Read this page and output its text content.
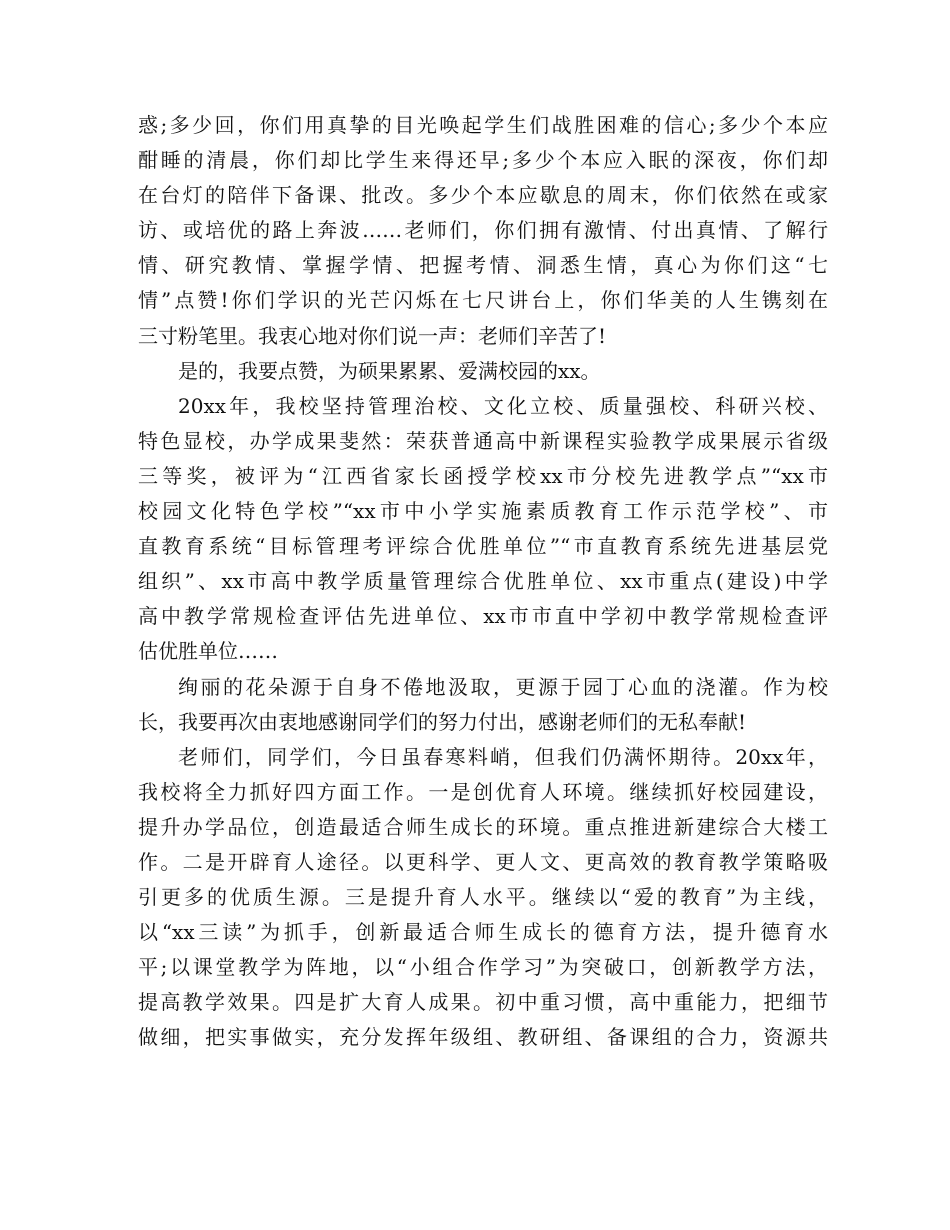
惑;多少回，你们用真挚的目光唤起学生们战胜困难的信心;多少个本应
酣睡的清晨，你们却比学生来得还早;多少个本应入眠的深夜，你们却
在台灯的陪伴下备课、批改。多少个本应歇息的周末，你们依然在或家
访、或培优的路上奔波……老师们，你们拥有激情、付出真情、了解行
情、研究教情、掌握学情、把握考情、洞悉生情，真心为你们这“七
情”点赞!你们学识的光芒闪烁在七尺讲台上，你们华美的人生镌刻在
三寸粉笔里。我衷心地对你们说一声：老师们辛苦了!
是的，我要点赞，为硕果累累、爱满校园的xx。
20xx年，我校坚持管理治校、文化立校、质量强校、科研兴校、
特色显校，办学成果斐然：荣获普通高中新课程实验教学成果展示省级
三等奖，被评为“江西省家长函授学校xx市分校先进教学点”“xx市
校园文化特色学校”“xx市中小学实施素质教育工作示范学校”、市
直教育系统“目标管理考评综合优胜单位”“市直教育系统先进基层党
组织”、xx市高中教学质量管理综合优胜单位、xx市重点(建设)中学
高中教学常规检查评估先进单位、xx市市直中学初中教学常规检查评
估优胜单位……
绚丽的花朵源于自身不倦地汲取，更源于园丁心血的浇灌。作为校
长，我要再次由衷地感谢同学们的努力付出，感谢老师们的无私奉献!
老师们，同学们，今日虽春寒料峭，但我们仍满怀期待。20xx年，
我校将全力抓好四方面工作。一是创优育人环境。继续抓好校园建设，
提升办学品位，创造最适合师生成长的环境。重点推进新建综合大楼工
作。二是开辟育人途径。以更科学、更人文、更高效的教育教学策略吸
引更多的优质生源。三是提升育人水平。继续以“爱的教育”为主线，
以“xx三读”为抓手，创新最适合师生成长的德育方法，提升德育水
平;以课堂教学为阵地，以“小组合作学习”为突破口，创新教学方法，
提高教学效果。四是扩大育人成果。初中重习惯，高中重能力，把细节
做细，把实事做实，充分发挥年级组、教研组、备课组的合力，资源共
